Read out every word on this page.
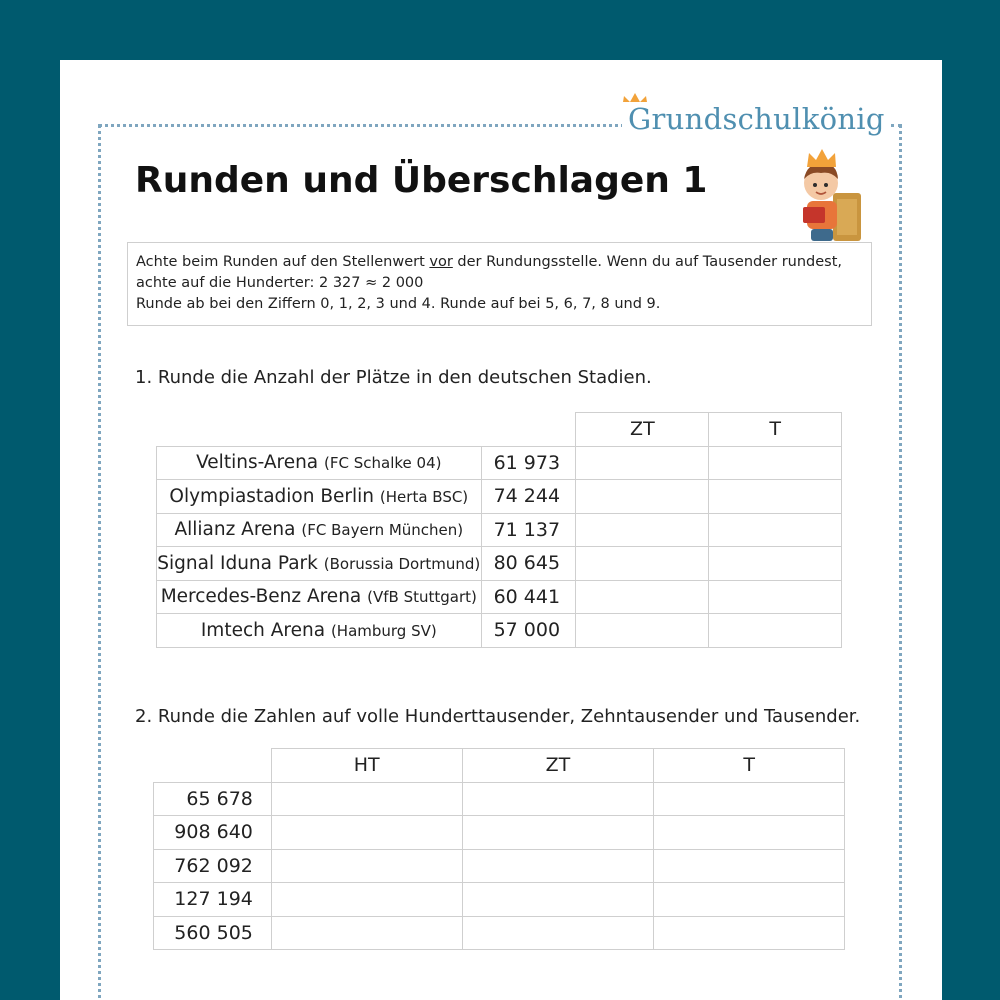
Grundschulkönig
Runden und Überschlagen 1
Achte beim Runden auf den Stellenwert vor der Rundungsstelle. Wenn du auf Tausender rundest,
achte auf die Hunderter: 2 327 ≈ 2 000
Runde ab bei den Ziffern 0, 1, 2, 3 und 4. Runde auf bei 5, 6, 7, 8 und 9.
1. Runde die Anzahl der Plätze in den deutschen Stadien.
		ZT	T
Veltins-Arena (FC Schalke 04)	61 973		
Olympiastadion Berlin (Herta BSC)	74 244		
Allianz Arena (FC Bayern München)	71 137		
Signal Iduna Park (Borussia Dortmund)	80 645		
Mercedes-Benz Arena (VfB Stuttgart)	60 441		
Imtech Arena (Hamburg SV)	57 000		
2. Runde die Zahlen auf volle Hunderttausender, Zehntausender und Tausender.
	HT	ZT	T
65 678			
908 640			
762 092			
127 194			
560 505			
